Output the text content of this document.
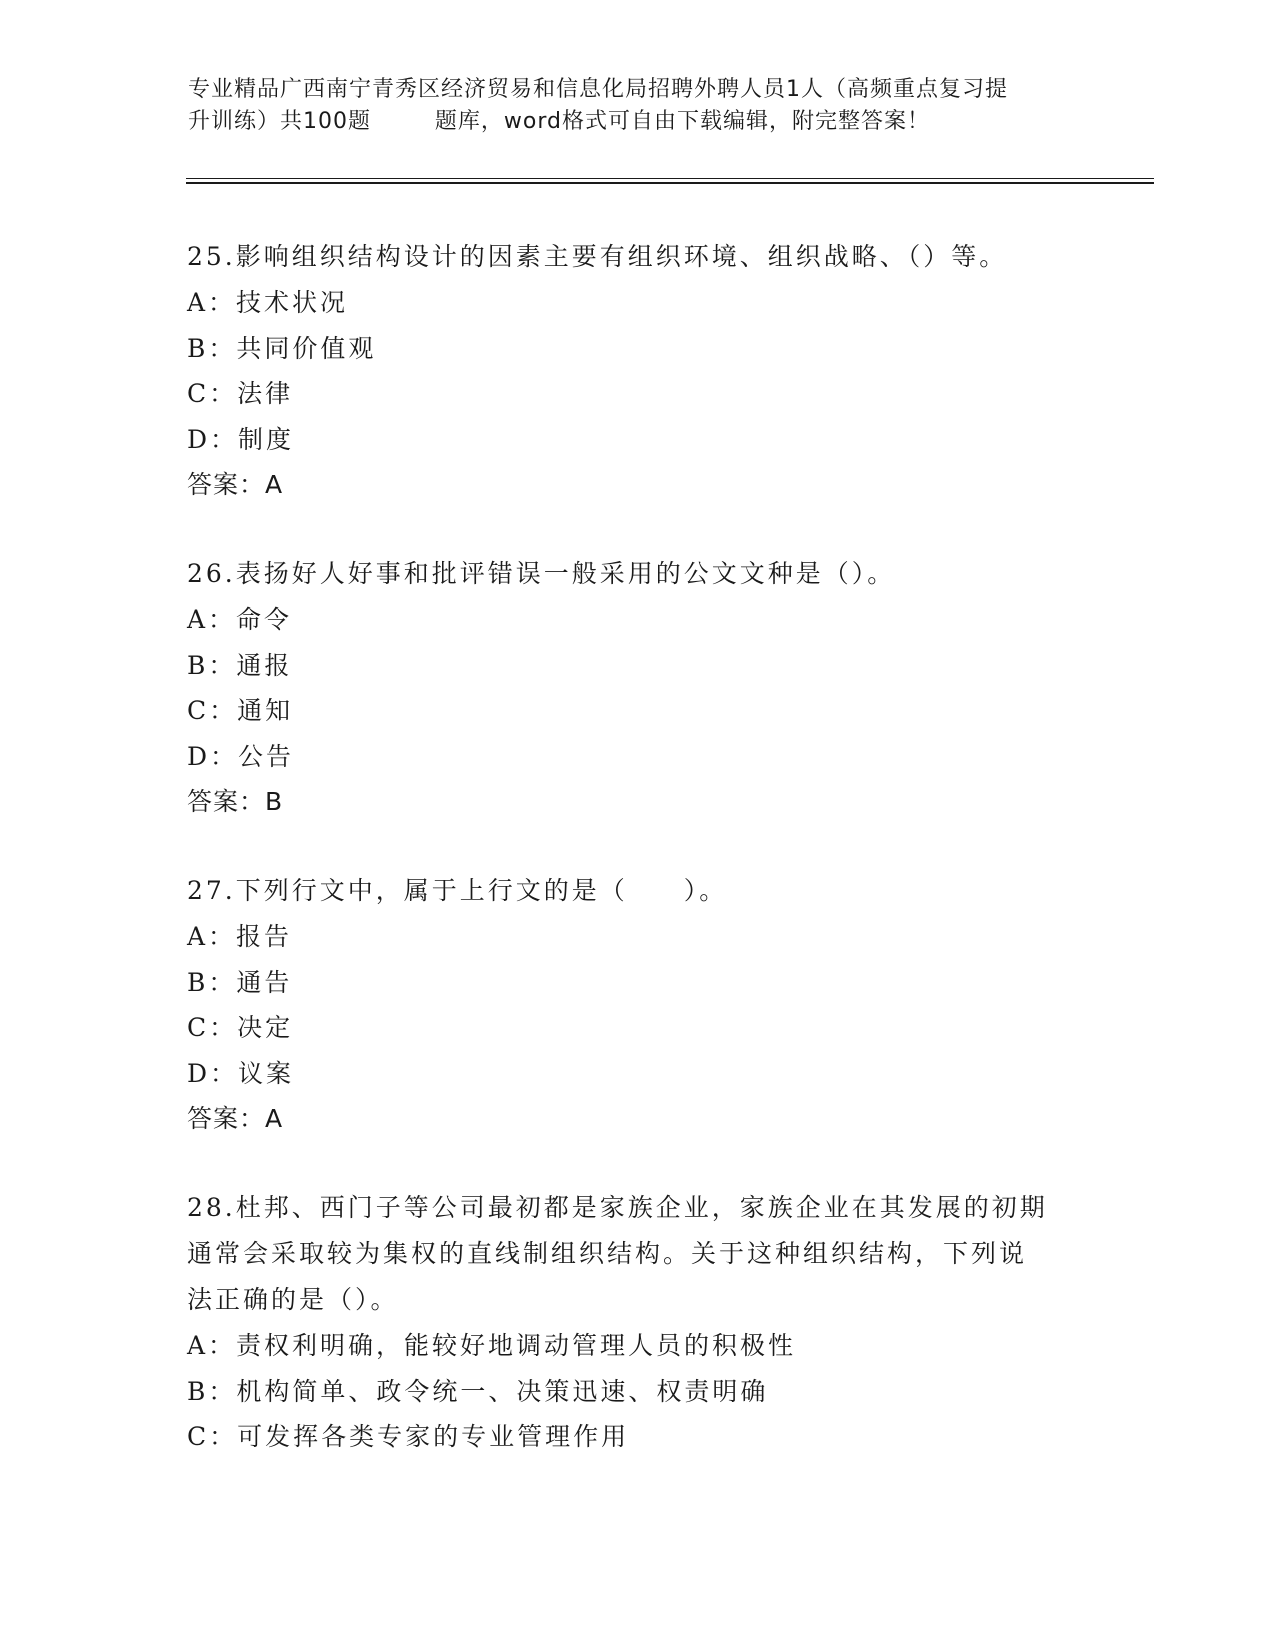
专业精品广西南宁青秀区经济贸易和信息化局招聘外聘人员1人（高频重点复习提
升训练）共100题        题库，word格式可自由下载编辑，附完整答案！
25.影响组织结构设计的因素主要有组织环境、组织战略、（）等。
A：技术状况
B：共同价值观
C：法律
D：制度
答案：A
26.表扬好人好事和批评错误一般采用的公文文种是（）。
A：命令
B：通报
C：通知
D：公告
答案：B
27.下列行文中，属于上行文的是（　　）。
A：报告
B：通告
C：决定
D：议案
答案：A
28.杜邦、西门子等公司最初都是家族企业，家族企业在其发展的初期
通常会采取较为集权的直线制组织结构。关于这种组织结构，下列说
法正确的是（）。
A：责权利明确，能较好地调动管理人员的积极性
B：机构简单、政令统一、决策迅速、权责明确
C：可发挥各类专家的专业管理作用
